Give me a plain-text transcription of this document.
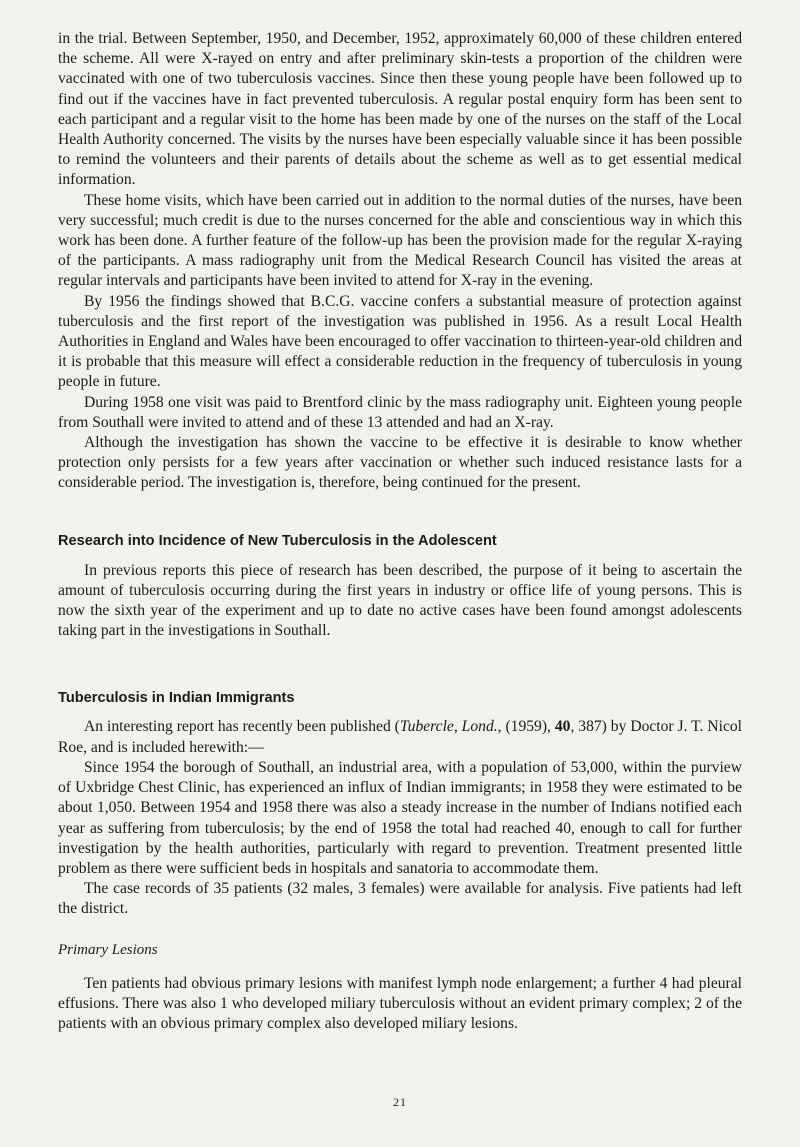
in the trial. Between September, 1950, and December, 1952, approximately 60,000 of these children entered the scheme. All were X-rayed on entry and after preliminary skin-tests a proportion of the children were vaccinated with one of two tuberculosis vaccines. Since then these young people have been followed up to find out if the vaccines have in fact prevented tuberculosis. A regular postal enquiry form has been sent to each participant and a regular visit to the home has been made by one of the nurses on the staff of the Local Health Authority concerned. The visits by the nurses have been especially valuable since it has been possible to remind the volunteers and their parents of details about the scheme as well as to get essential medical information.

These home visits, which have been carried out in addition to the normal duties of the nurses, have been very successful; much credit is due to the nurses concerned for the able and conscientious way in which this work has been done. A further feature of the follow-up has been the provision made for the regular X-raying of the participants. A mass radiography unit from the Medical Research Council has visited the areas at regular intervals and participants have been invited to attend for X-ray in the evening.

By 1956 the findings showed that B.C.G. vaccine confers a substantial measure of protection against tuberculosis and the first report of the investigation was published in 1956. As a result Local Health Authorities in England and Wales have been encouraged to offer vaccination to thirteen-year-old children and it is probable that this measure will effect a considerable reduction in the frequency of tuberculosis in young people in future.

During 1958 one visit was paid to Brentford clinic by the mass radiography unit. Eighteen young people from Southall were invited to attend and of these 13 attended and had an X-ray.

Although the investigation has shown the vaccine to be effective it is desirable to know whether protection only persists for a few years after vaccination or whether such induced resistance lasts for a considerable period. The investigation is, therefore, being continued for the present.

Research into Incidence of New Tuberculosis in the Adolescent

In previous reports this piece of research has been described, the purpose of it being to ascertain the amount of tuberculosis occurring during the first years in industry or office life of young persons. This is now the sixth year of the experiment and up to date no active cases have been found amongst adolescents taking part in the investigations in Southall.

Tuberculosis in Indian Immigrants

An interesting report has recently been published (Tubercle, Lond., (1959), 40, 387) by Doctor J. T. Nicol Roe, and is included herewith:—

Since 1954 the borough of Southall, an industrial area, with a population of 53,000, within the purview of Uxbridge Chest Clinic, has experienced an influx of Indian immigrants; in 1958 they were estimated to be about 1,050. Between 1954 and 1958 there was also a steady increase in the number of Indians notified each year as suffering from tuberculosis; by the end of 1958 the total had reached 40, enough to call for further investigation by the health authorities, particularly with regard to prevention. Treatment presented little problem as there were sufficient beds in hospitals and sanatoria to accommodate them.

The case records of 35 patients (32 males, 3 females) were available for analysis. Five patients had left the district.

Primary Lesions

Ten patients had obvious primary lesions with manifest lymph node enlargement; a further 4 had pleural effusions. There was also 1 who developed miliary tuberculosis without an evident primary complex; 2 of the patients with an obvious primary complex also developed miliary lesions.

21
